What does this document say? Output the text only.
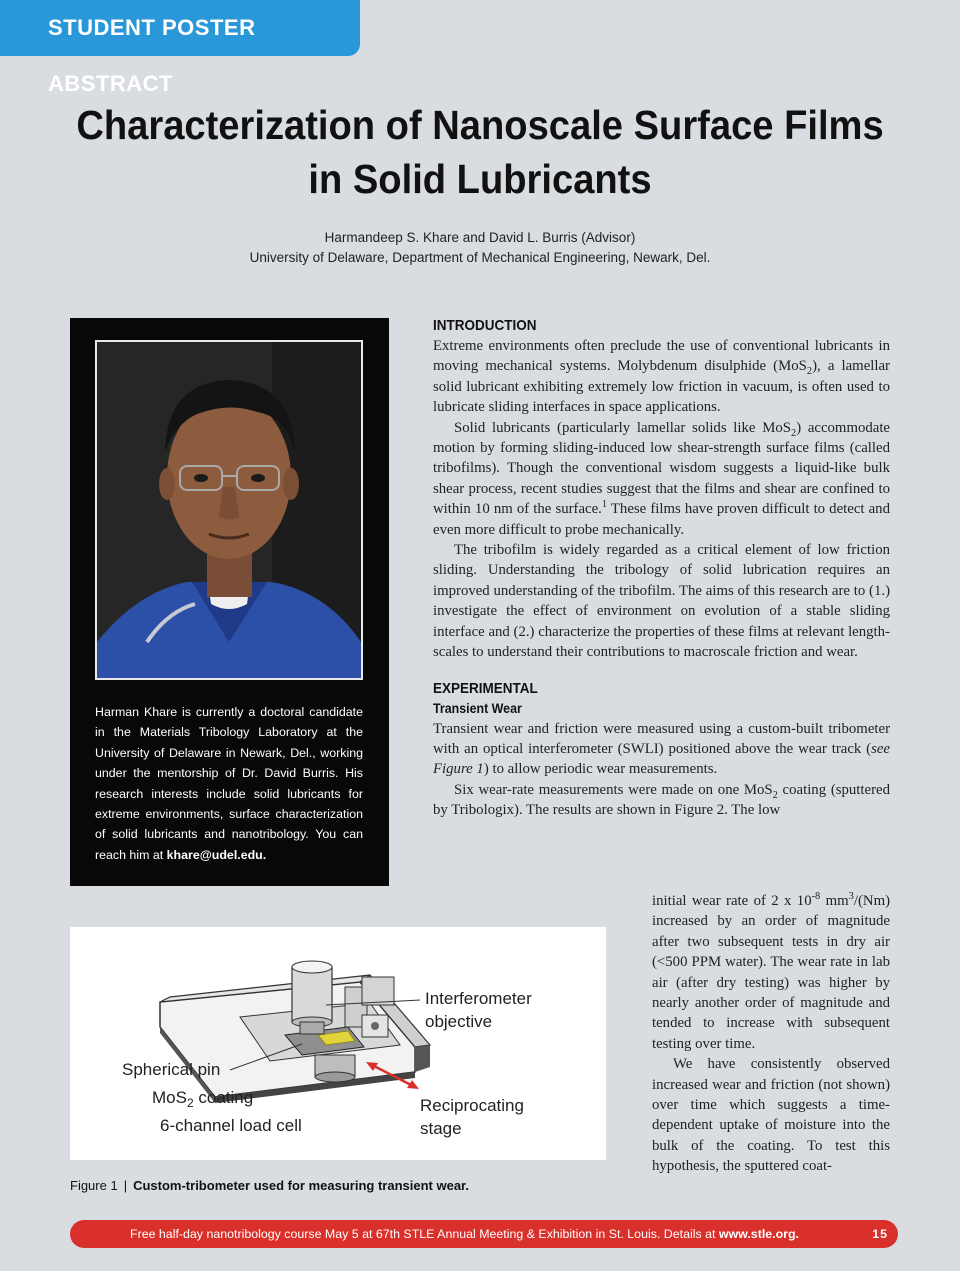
STUDENT POSTER ABSTRACT
Characterization of Nanoscale Surface Films
in Solid Lubricants
Harmandeep S. Khare and David L. Burris (Advisor)
University of Delaware, Department of Mechanical Engineering, Newark, Del.
Harman Khare is currently a doctoral candidate in the Materials Tribology Laboratory at the University of Delaware in Newark, Del., working under the mentorship of Dr. David Burris. His research interests include solid lubricants for extreme environments, surface characterization of solid lubricants and nanotribology. You can reach him at khare@udel.edu.
INTRODUCTION

Extreme environments often preclude the use of conventional lubricants in moving mechanical systems. Molybdenum disulphide (MoS$_2$), a lamellar solid lubricant exhibiting extremely low friction in vacuum, is often used to lubricate sliding interfaces in space applications.

Solid lubricants (particularly lamellar solids like MoS$_2$) accommodate motion by forming sliding-induced low shear-strength surface films (called tribofilms). Though the conventional wisdom suggests a liquid-like bulk shear process, recent studies suggest that the films and shear are confined to within 10 nm of the surface.$^1$ These films have proven difficult to detect and even more difficult to probe mechanically.

The tribofilm is widely regarded as a critical element of low friction sliding. Understanding the tribology of solid lubrication requires an improved understanding of the tribofilm. The aims of this research are to (1.) investigate the effect of environment on evolution of a stable sliding interface and (2.) characterize the properties of these films at relevant length-scales to understand their contributions to macroscale friction and wear.

EXPERIMENTAL
Transient Wear

Transient wear and friction were measured using a custom-built tribometer with an optical interferometer (SWLI) positioned above the wear track (see Figure 1) to allow periodic wear measurements.

Six wear-rate measurements were made on one MoS$_2$ coating (sputtered by Tribologix). The results are shown in Figure 2. The low

initial wear rate of 2 x $10^{-8}$ $mm^3/(Nm)$ increased by an order of magnitude after two subsequent tests in dry air (<500 PPM water). The wear rate in lab air (after dry testing) was higher by nearly another order of magnitude and tended to increase with subsequent testing over time.

We have consistently observed increased wear and friction (not shown) over time which suggests a time-dependent uptake of moisture into the bulk of the coating. To test this hypothesis, the sputtered coat-

Interferometer
objective
Spherical pin
MoS$_2$ coating
6-channel load cell
Reciprocating
stage
Figure 1 | Custom-tribometer used for measuring transient wear.
Free half-day nanotribology course May 5 at 67th STLE Annual Meeting & Exhibition in St. Louis. Details at www.stle.org.	15
